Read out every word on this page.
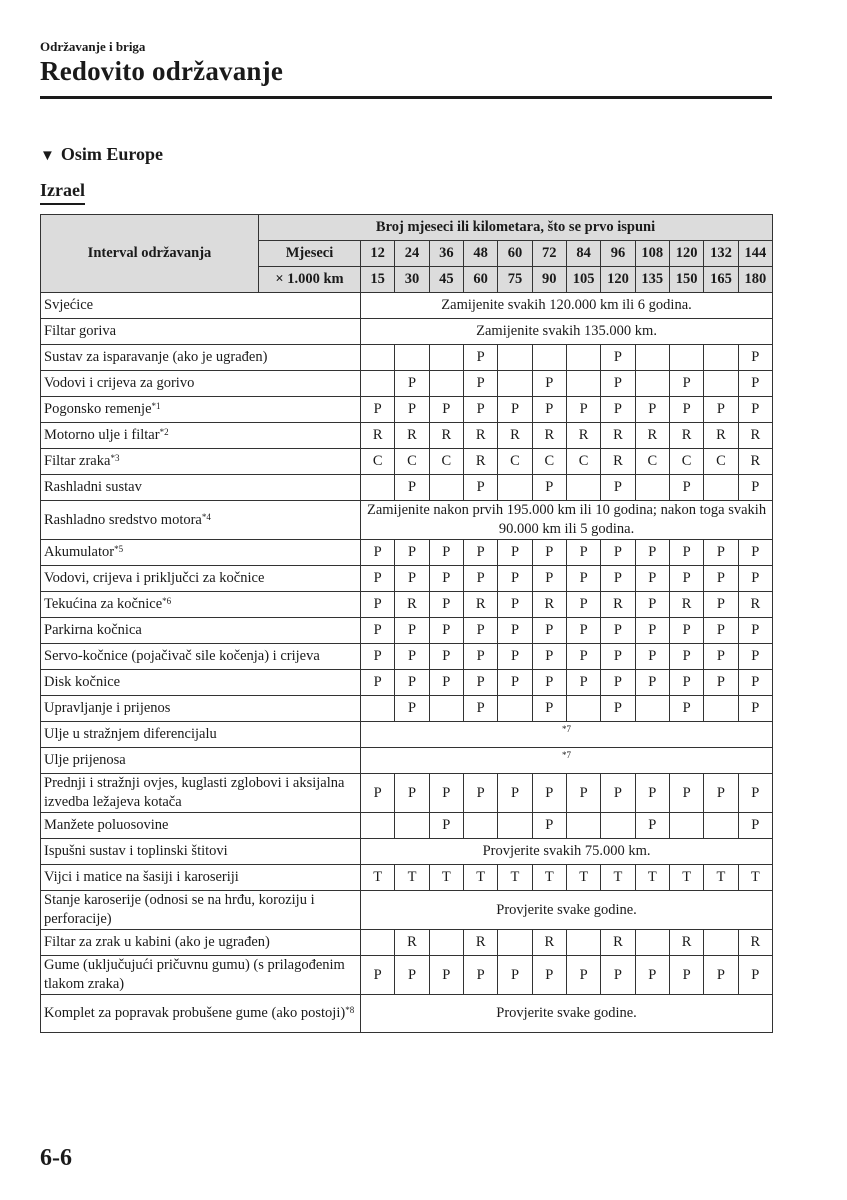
Održavanje i briga
Redovito održavanje
▼ Osim Europe
Izrael
Interval održavanja	Broj mjeseci ili kilometara, što se prvo ispuni												
	Mjeseci	12	24	36	48	60	72	84	96	108	120	132	144
	× 1.000 km	15	30	45	60	75	90	105	120	135	150	165	180
Svjećice		Zamijenite svakih 120.000 km ili 6 godina.											
Filtar goriva		Zamijenite svakih 135.000 km.											
Sustav za isparavanje (ako je ugrađen)					P				P				P
Vodovi i crijeva za gorivo			P		P		P		P		P		P
Pogonsko remenje$^{*1}$		P	P	P	P	P	P	P	P	P	P	P	P
Motorno ulje i filtar$^{*2}$		R	R	R	R	R	R	R	R	R	R	R	R
Filtar zraka$^{*3}$		C	C	C	R	C	C	C	R	C	C	C	R
Rashladni sustav			P		P		P		P		P		P
Rashladno sredstvo motora$^{*4}$		Zamijenite nakon prvih 195.000 km ili 10 godina; nakon toga svakih 90.000 km ili 5 godina.											
Akumulator$^{*5}$		P	P	P	P	P	P	P	P	P	P	P	P
Vodovi, crijeva i priključci za kočnice		P	P	P	P	P	P	P	P	P	P	P	P
Tekućina za kočnice$^{*6}$		P	R	P	R	P	R	P	R	P	R	P	R
Parkirna kočnica		P	P	P	P	P	P	P	P	P	P	P	P
Servo-kočnice (pojačivač sile kočenja) i crijeva		P	P	P	P	P	P	P	P	P	P	P	P
Disk kočnice		P	P	P	P	P	P	P	P	P	P	P	P
Upravljanje i prijenos			P		P		P		P		P		P
Ulje u stražnjem diferencijalu		*7											
Ulje prijenosa		*7											
Prednji i stražnji ovjes, kuglasti zglobovi i aksijalna izvedba ležajeva kotača		P	P	P	P	P	P	P	P	P	P	P	P
Manžete poluosovine				P			P			P			P
Ispušni sustav i toplinski štitovi		Provjerite svakih 75.000 km.											
Vijci i matice na šasiji i karoseriji		T	T	T	T	T	T	T	T	T	T	T	T
Stanje karoserije (odnosi se na hrđu, koroziju i perforacije)		Provjerite svake godine.											
Filtar za zrak u kabini (ako je ugrađen)			R		R		R		R		R		R
Gume (uključujući pričuvnu gumu) (s prilagođenim tlakom zraka)		P	P	P	P	P	P	P	P	P	P	P	P
Komplet za popravak probušene gume (ako postoji)$^{*8}$		Provjerite svake godine.											
6-6
